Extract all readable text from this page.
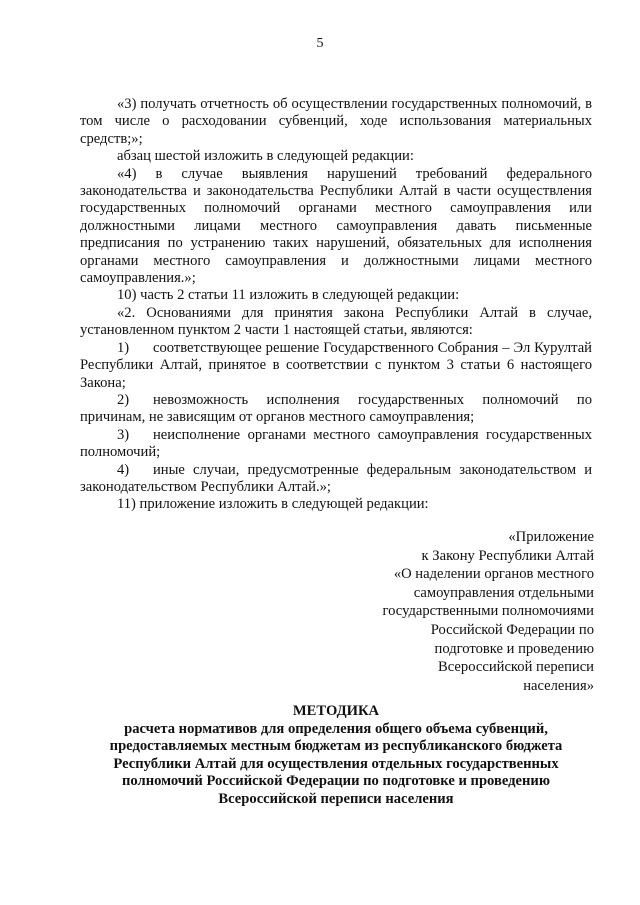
5

«3) получать отчетность об осуществлении государственных полномочий, в том числе о расходовании субвенций, ходе использования материальных средств;»;

абзац шестой изложить в следующей редакции:

«4) в случае выявления нарушений требований федерального законодательства и законодательства Республики Алтай в части осуществления государственных полномочий органами местного самоуправления или должностными лицами местного самоуправления давать письменные предписания по устранению таких нарушений, обязательных для исполнения органами местного самоуправления и должностными лицами местного самоуправления.»;

10) часть 2 статьи 11 изложить в следующей редакции:

«2. Основаниями для принятия закона Республики Алтай в случае, установленном пунктом 2 части 1 настоящей статьи, являются:

1) соответствующее решение Государственного Собрания – Эл Курултай Республики Алтай, принятое в соответствии с пунктом 3 статьи 6 настоящего Закона;

2) невозможность исполнения государственных полномочий по причинам, не зависящим от органов местного самоуправления;

3) неисполнение органами местного самоуправления государственных полномочий;

4) иные случаи, предусмотренные федеральным законодательством и законодательством Республики Алтай.»;

11) приложение изложить в следующей редакции:

«Приложение
к Закону Республики Алтай
«О наделении органов местного
самоуправления отдельными
государственными полномочиями
Российской Федерации по
подготовке и проведению
Всероссийской переписи
населения»
МЕТОДИКА
расчета нормативов для определения общего объема субвенций,
предоставляемых местным бюджетам из республиканского бюджета
Республики Алтай для осуществления отдельных государственных
полномочий Российской Федерации по подготовке и проведению
Всероссийской переписи населения
